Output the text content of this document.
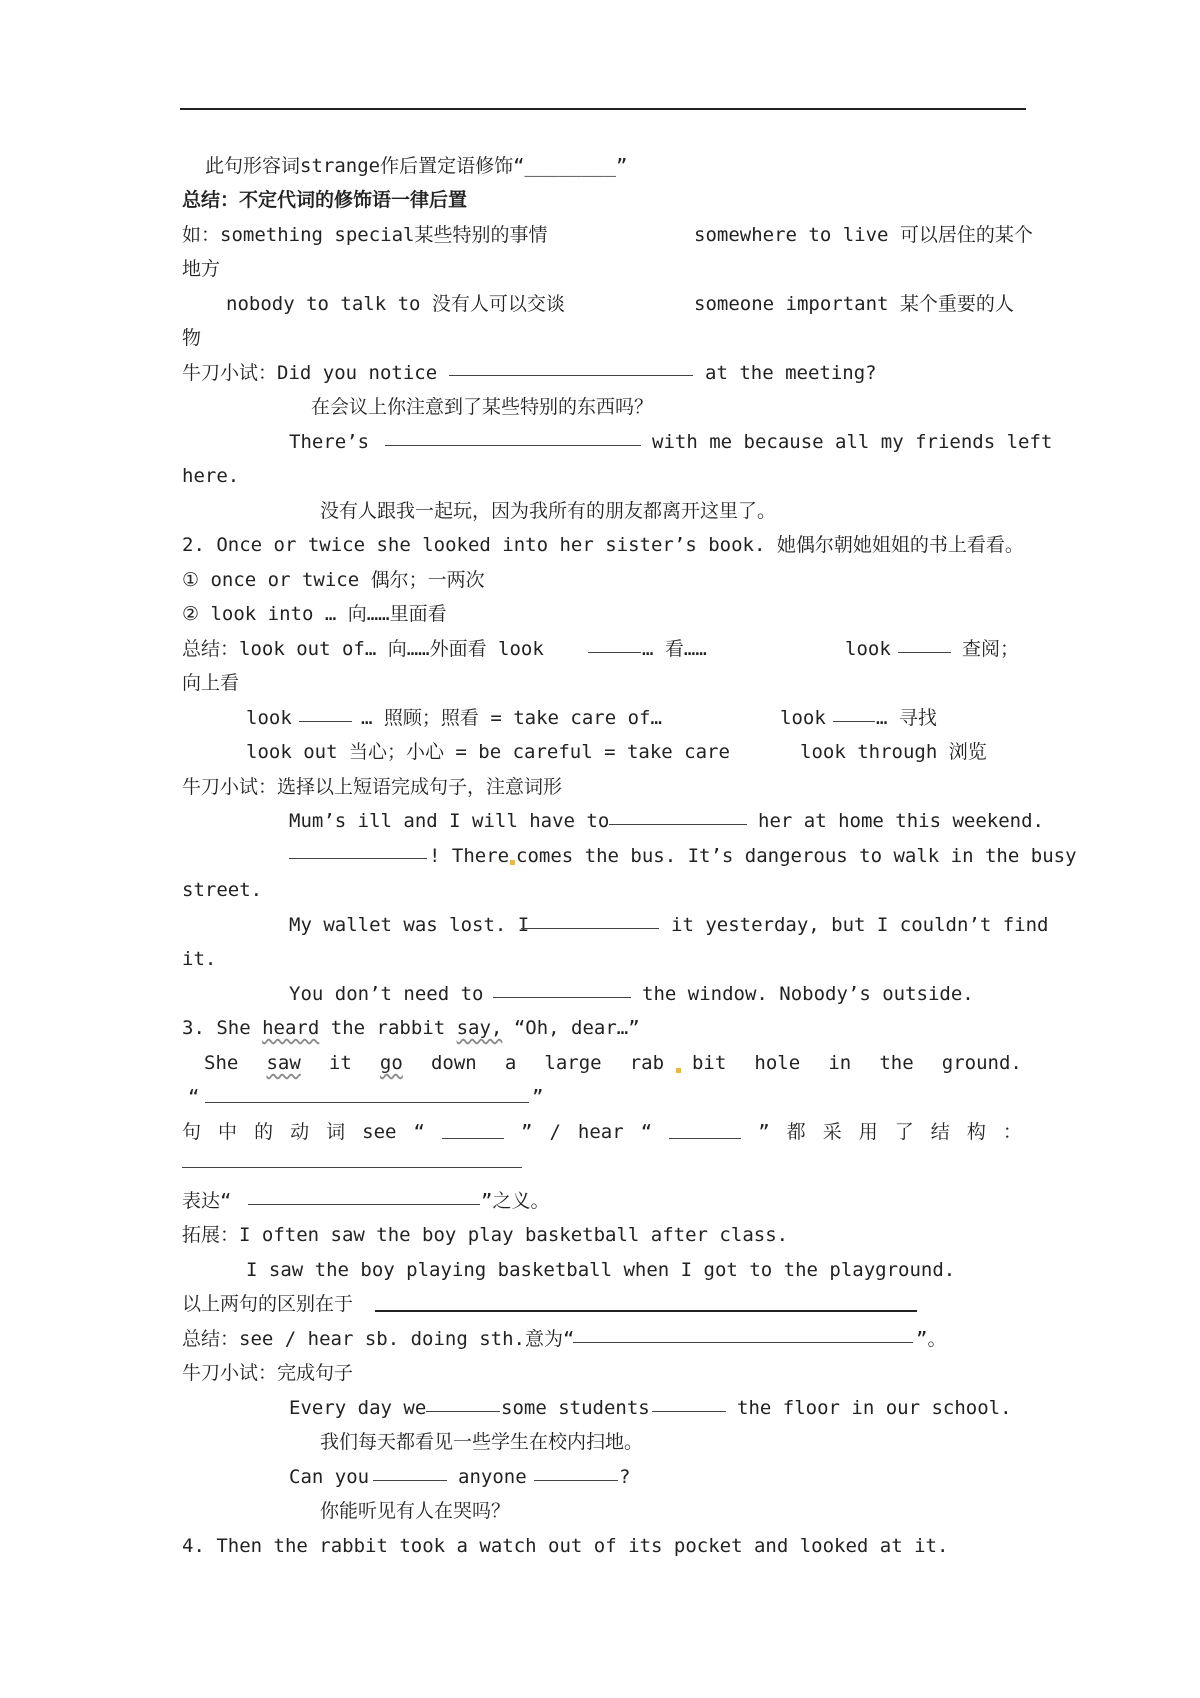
此句形容词strange作后置定语修饰“________”
总结：不定代词的修饰语一律后置
如：something special某些特别的事情	somewhere to live 可以居住的某个
地方
nobody to talk to 没有人可以交谈	someone important 某个重要的人
物
牛刀小试：Did you notice	at the meeting?
在会议上你注意到了某些特别的东西吗？
There’s	with me because all my friends left
here.
没有人跟我一起玩，因为我所有的朋友都离开这里了。
2. Once or twice she looked into her sister’s book. 她偶尔朝她姐姐的书上看看。
① once or twice 偶尔；一两次
② look into … 向……里面看
总结：look out of… 向……外面看 look	… 看……	look	查阅；
向上看
look	… 照顾；照看 = take care of…	look	… 寻找
look out 当心；小心 = be careful = take care	look through 浏览
牛刀小试：选择以上短语完成句子，注意词形
Mum’s ill and I will have to	her at home this weekend.
! There comes the bus. It’s dangerous to walk in the busy
street.
My wallet was lost. I	it yesterday, but I couldn’t find
it.
You don’t need to	the window. Nobody’s outside.
3. She heard the rabbit say, “Oh, dear…”
She saw it go down a large rab bit hole in the ground.
“	”
句 中 的 动 词 see “	” / hear “	” 都 采 用 了 结 构 ：
表达“	”之义。
拓展：I often saw the boy play basketball after class.
I saw the boy playing basketball when I got to the playground.
以上两句的区别在于
总结：see / hear sb. doing sth.意为“	”。
牛刀小试：完成句子
Every day we	some students	the floor in our school.
我们每天都看见一些学生在校内扫地。
Can you	anyone	?
你能听见有人在哭吗？
4. Then the rabbit took a watch out of its pocket and looked at it.
